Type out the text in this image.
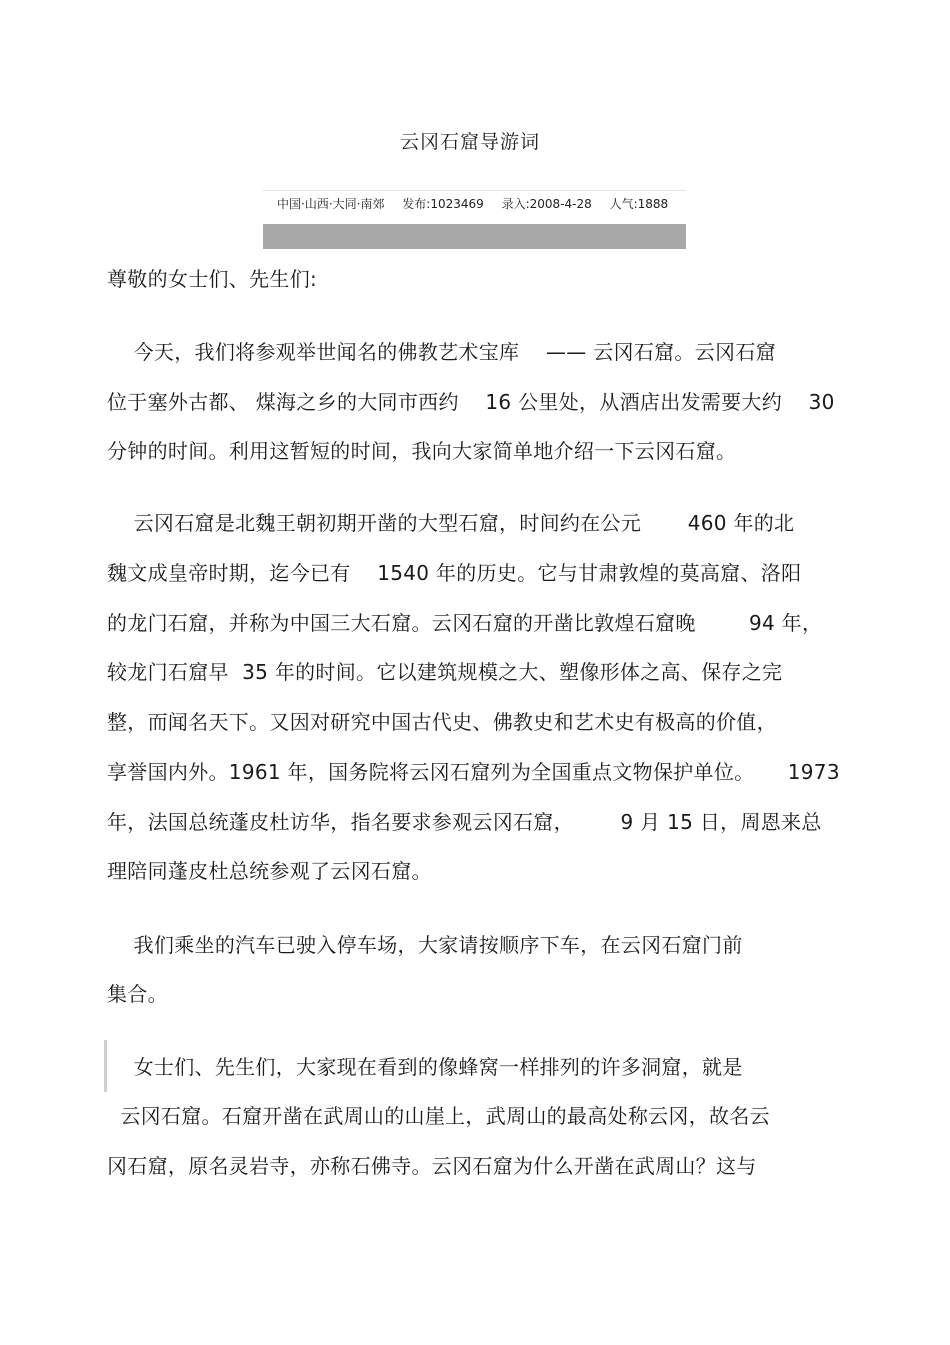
云冈石窟导游词
中国·山西·大同·南郊 发布:1023469 录入:2008-4-28 人气:1888
尊敬的女士们、先生们:
今天，我们将参观举世闻名的佛教艺术宝库    —— 云冈石窟。云冈石窟
位于塞外古都、 煤海之乡的大同市西约    16 公里处，从酒店出发需要大约    30
分钟的时间。利用这暂短的时间，我向大家简单地介绍一下云冈石窟。
云冈石窟是北魏王朝初期开凿的大型石窟，时间约在公元       460 年的北
魏文成皇帝时期，迄今已有    1540 年的历史。它与甘肃敦煌的莫高窟、洛阳
的龙门石窟，并称为中国三大石窟。云冈石窟的开凿比敦煌石窟晚        94 年，
较龙门石窟早  35 年的时间。它以建筑规模之大、塑像形体之高、保存之完
整，而闻名天下。又因对研究中国古代史、佛教史和艺术史有极高的价值，
享誉国内外。1961 年，国务院将云冈石窟列为全国重点文物保护单位。     1973
年，法国总统蓬皮杜访华，指名要求参观云冈石窟，       9 月 15 日，周恩来总
理陪同蓬皮杜总统参观了云冈石窟。
我们乘坐的汽车已驶入停车场，大家请按顺序下车，在云冈石窟门前
集合。
女士们、先生们，大家现在看到的像蜂窝一样排列的许多洞窟，就是
云冈石窟。石窟开凿在武周山的山崖上，武周山的最高处称云冈，故名云
冈石窟，原名灵岩寺，亦称石佛寺。云冈石窟为什么开凿在武周山？这与
